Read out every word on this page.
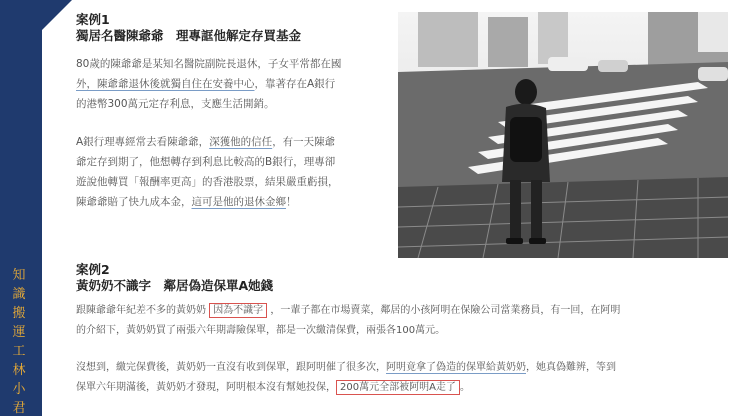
知
識
搬
運
工
林
小
君
案例1
獨居名醫陳爺爺　理專誆他解定存買基金
80歲的陳爺爺是某知名醫院副院長退休，子女平常都在國
外，陳爺爺退休後就獨自住在安養中心，靠著存在A銀行
的港幣300萬元定存利息，支應生活開銷。
A銀行理專經常去看陳爺爺，深獲他的信任，有一天陳爺
爺定存到期了，他想轉存到利息比較高的B銀行，理專卻
遊說他轉買「報酬率更高」的香港股票，結果嚴重虧損，
陳爺爺賠了快九成本金，這可是他的退休金鄉！
案例2
黃奶奶不識字　鄰居偽造保單A她錢
跟陳爺爺年紀差不多的黃奶奶 因為不識字 ，一輩子都在市場賣菜，鄰居的小孩阿明在保險公司當業務員，有一回，在阿明
的介紹下，黃奶奶買了兩張六年期壽險保單，都是一次繳清保費，兩張各100萬元。
沒想到，繳完保費後，黃奶奶一直沒有收到保單，跟阿明催了很多次，阿明竟拿了偽造的保單給黃奶奶，她真偽難辨，等到
保單六年期滿後，黃奶奶才發現，阿明根本沒有幫她投保， 200萬元全部被阿明A走了 。
